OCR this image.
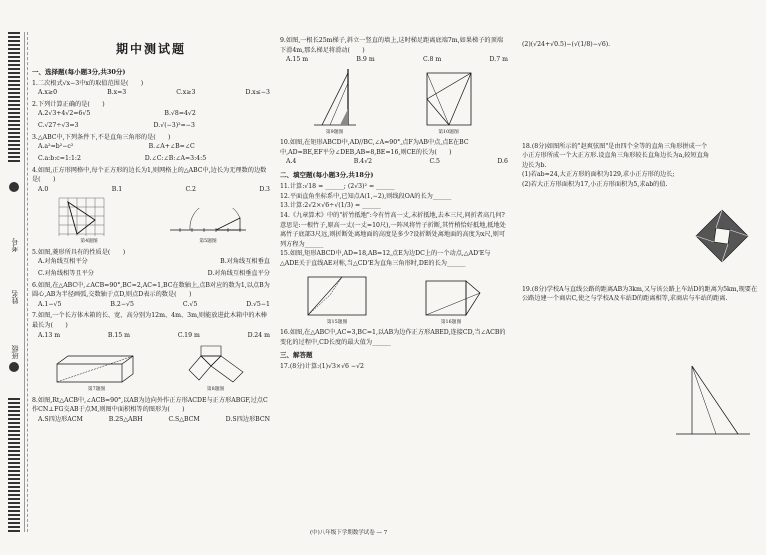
考号
姓名
班级
期中测试题
一、选择题(每小题3分,共30分)

1.二次根式√x−3中x的取值范围是(　　)

A.x≥0	B.x=3	C.x≥3	D.x≤−3

2.下列计算正确的是(　　)

A.2√3+4√2=6√5	B.√8=4√2
C.√27÷√3=3	D.√(−3)²=−3

3.△ABC中,下列条件下,不是直角三角形的是(　　)

A.a²=b²−c²	B.∠A+∠B=∠C
C.a:b:c=1:1:2	D.∠C:∠B:∠A=3:4:5

4.如图,正方形网格中,每个正方形的边长为1,则网格上的△ABC中,边长为无理数的边数是(　　)

A.0	B.1	C.2	D.3
第4题图	第5题图

5.如图,菱形所具有的性质是(　　)

A.对角线互相平分	B.对角线互相垂直
C.对角线相等且平分	D.对角线互相垂直平分

6.如图,在△ABC中,∠ACB=90°,BC=2,AC=1,BC在数轴上,点B对应的数为1,以点B为圆心,AB为半径画弧,交数轴于点D,则点D表示的数是(　　)

A.1−√5	B.2−√5	C.√5	D.√5−1

7.如图,一个长方体木箱的长、宽、高分别为12m、4m、3m,则能放进此木箱中的木棒最长为(　　)

A.13 m	B.15 m	C.19 m	D.24 m
第7题图	第8题图

8.如图,Rt△ACB中,∠ACB=90°,以AB为边向外作正方形ACDE与正方形ABGF,过点C作CN⊥FG交AB于点M,则图中面积相等的图形为(　　)

A.S四边形ACM	B.2S△ABH	C.S△BCM	D.S四边形BCN

9.如图,一根长25m梯子,斜立一竖直的墙上,这时梯足距离底端7m,如果梯子的顶端下滑4m,那么梯足将滑动(　　)

A.15 m	B.9 m	C.8 m	D.7 m
第9题图	第10题图

10.如图,在矩形ABCD中,AD//BC,∠A=90°,点F为AB中点,点E在BC中,AD=BE,EF平分∠DEB,AB=8,BE=16,则CE的长为(　　)

A.4	B.4√2	C.5	D.6
二、填空题(每小题3分,共18分)

11.计算:√18 = ______; (2√3)² = ______

12.平面直角坐标系中,已知点A(1,−2),则线段OA的长为______

13.计算:2√2×√6÷√(1/3) = ______

14.《九章算术》中的"折竹抵地":今有竹高一丈,末折抵地,去本三尺,问折者高几何?意思是:一根竹子,原高一丈(一丈=10尺),一阵风将竹子折断,其竹梢恰好抵地,抵地处离竹子底部3尺远,则折断处离地面的高度是多少?设折断处离地面的高度为x尺,则可列方程为______

15.如图,矩形ABCD中,AD=18,AB=12,点E为边DC上的一个动点,△AD'E与△ADE关于直线AE对称,当△CD'E为直角三角形时,DE的长为______

第15题图	第16题图

16.如图,在△ABC中,AC=3,BC=1,以AB为边作正方形ABED,连接CD,当∠ACB的变化的过程中,CD长度的最大值为______

三、解答题

17.(8分)计算:(1)√3×√6 −√2

(2)(√24+√0.5)−(√(1/8)−√6).

18.(8分)如图所示的"赵爽弦图"是由四个全等的直角三角形拼成一个小正方形所成一个大正方形.设直角三角形较长直角边长为a,较短直角边长为b.

(1)若ab=24,大正方形的面积为129,求小正方形的边长;

(2)若大正方形面积为17,小正方形面积为5,求ab的值.

19.(8分)学校A与直线公路的距离AB为3km,又与该公路上车站D的距离为5km,现要在公路边建一个商店C,使之与学校A及车站D的距离相等,求商店与车站的距离.

(中)八年级下学期数学试卷 — 7
